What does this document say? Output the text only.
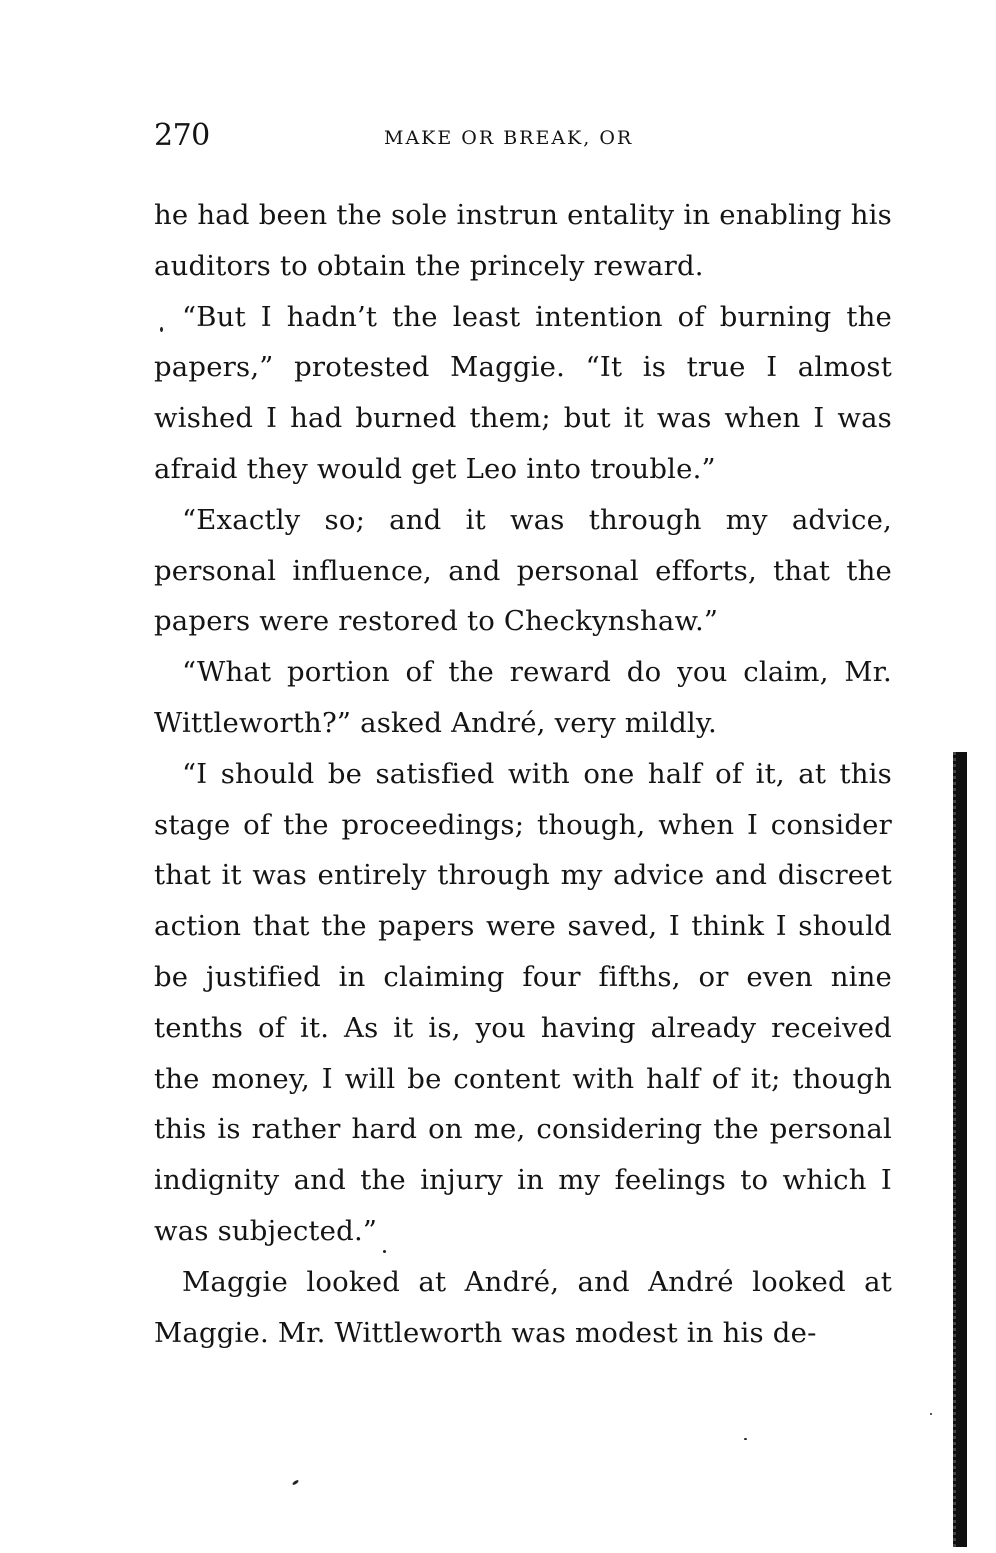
270	MAKE OR BREAK, OR

he had been the sole instrun entality in enabling his auditors to obtain the princely reward.

“But I hadn’t the least intention of burning the papers,” protested Maggie. “It is true I almost wished I had burned them; but it was when I was afraid they would get Leo into trouble.”

“Exactly so; and it was through my advice, personal influence, and personal efforts, that the papers were restored to Checkynshaw.”

“What portion of the reward do you claim, Mr. Wittleworth?” asked André, very mildly.

“I should be satisfied with one half of it, at this stage of the proceedings; though, when I consider that it was entirely through my advice and discreet action that the papers were saved, I think I should be justified in claiming four fifths, or even nine tenths of it. As it is, you having already received the money, I will be content with half of it; though this is rather hard on me, considering the personal indignity and the injury in my feelings to which I was subjected.”

Maggie looked at André, and André looked at Maggie. Mr. Wittleworth was modest in his de-
